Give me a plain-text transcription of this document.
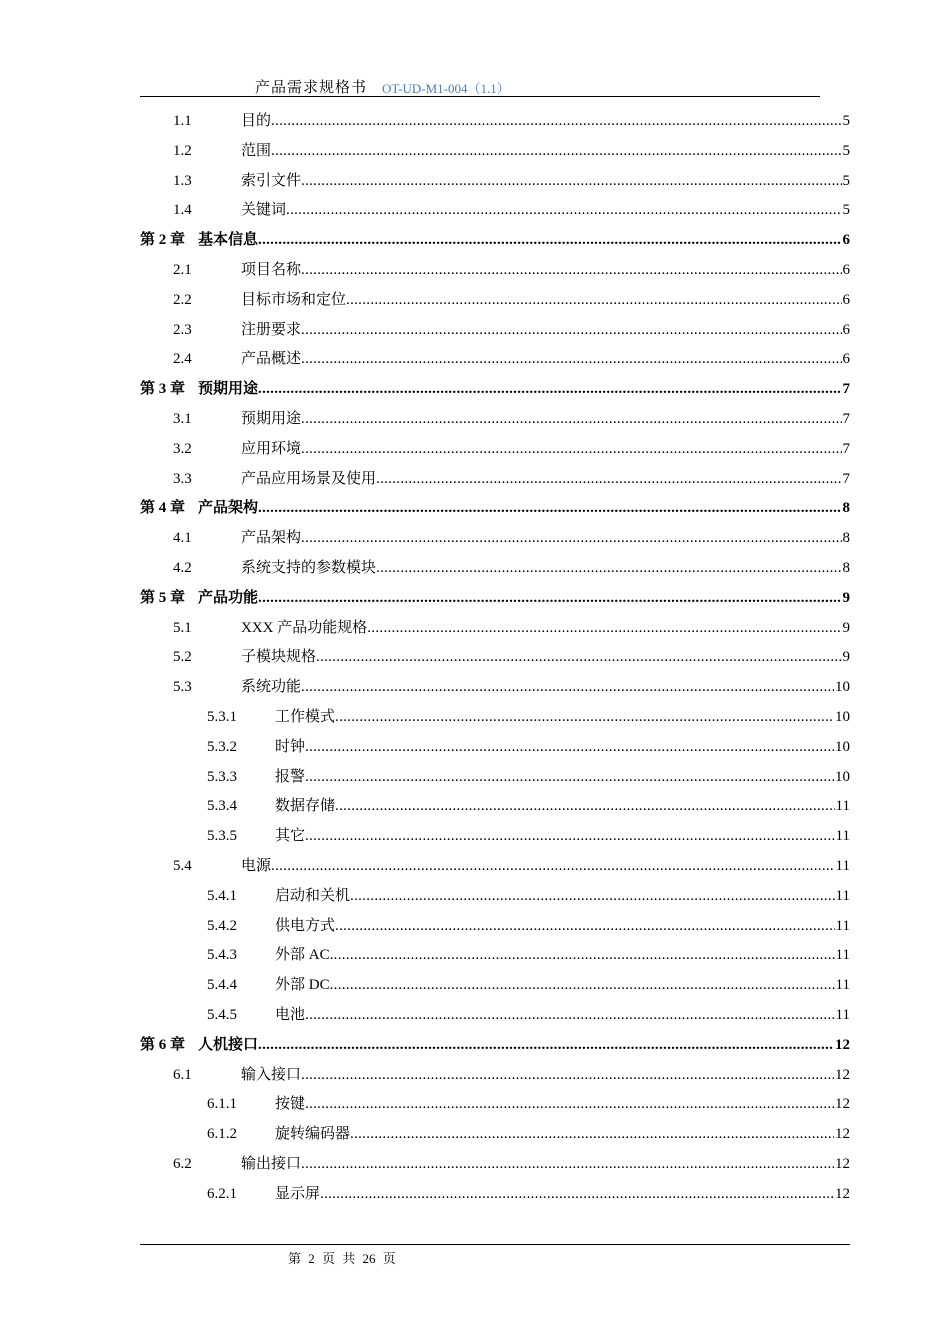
产品需求规格书 OT-UD-M1-004（1.1）
1.1	目的 .....	5
1.2	范围 .....	5
1.3	索引文件 .....	5
1.4	关键词 .....	5
第 2 章 基本信息 .....	6
2.1	项目名称 .....	6
2.2	目标市场和定位 .....	6
2.3	注册要求 .....	6
2.4	产品概述 .....	6
第 3 章 预期用途 .....	7
3.1	预期用途 .....	7
3.2	应用环境 .....	7
3.3	产品应用场景及使用 .....	7
第 4 章 产品架构 .....	8
4.1	产品架构 .....	8
4.2	系统支持的参数模块 .....	8
第 5 章 产品功能 .....	9
5.1	XXX 产品功能规格 .....	9
5.2	子模块规格 .....	9
5.3	系统功能 .....	10
5.3.1	工作模式 .....	10
5.3.2	时钟 .....	10
5.3.3	报警 .....	10
5.3.4	数据存储 .....	11
5.3.5	其它 .....	11
5.4	电源 .....	11
5.4.1	启动和关机 .....	11
5.4.2	供电方式 .....	11
5.4.3	外部 AC .....	11
5.4.4	外部 DC .....	11
5.4.5	电池 .....	11
第 6 章 人机接口 .....	12
6.1	输入接口 .....	12
6.1.1	按键 .....	12
6.1.2	旋转编码器 .....	12
6.2	输出接口 .....	12
6.2.1	显示屏 .....	12
第 2 页 共 26 页
